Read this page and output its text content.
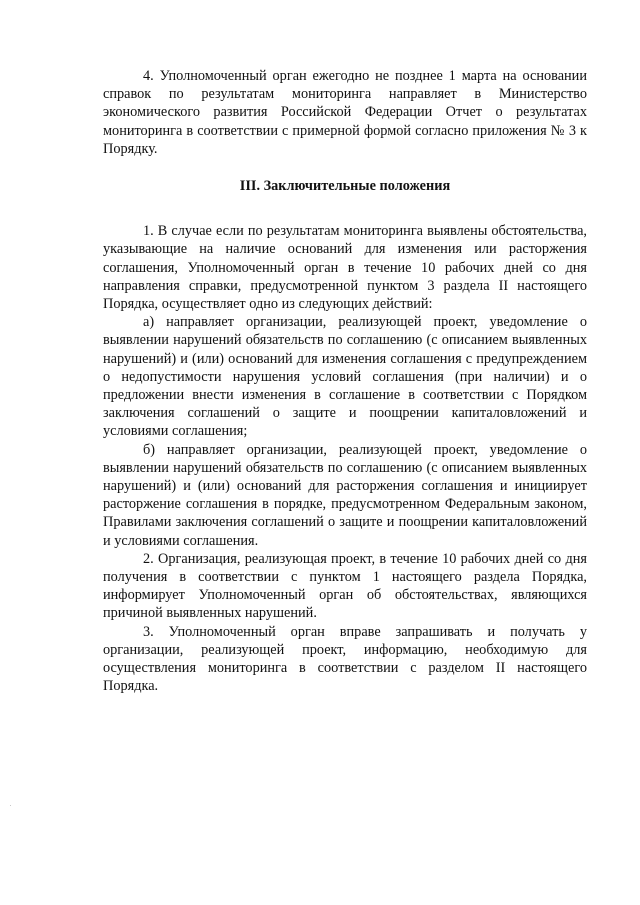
4. Уполномоченный орган ежегодно не позднее 1 марта на основании справок по результатам мониторинга направляет в Министерство экономического развития Российской Федерации Отчет о результатах мониторинга в соответствии с примерной формой согласно приложения № 3 к Порядку.

III. Заключительные положения

1. В случае если по результатам мониторинга выявлены обстоятельства, указывающие на наличие оснований для изменения или расторжения соглашения, Уполномоченный орган в течение 10 рабочих дней со дня направления справки, предусмотренной пунктом 3 раздела II настоящего Порядка, осуществляет одно из следующих действий:

а) направляет организации, реализующей проект, уведомление о выявлении нарушений обязательств по соглашению (с описанием выявленных нарушений) и (или) оснований для изменения соглашения с предупреждением о недопустимости нарушения условий соглашения (при наличии) и о предложении внести изменения в соглашение в соответствии с Порядком заключения соглашений о защите и поощрении капиталовложений и условиями соглашения;

б) направляет организации, реализующей проект, уведомление о выявлении нарушений обязательств по соглашению (с описанием выявленных нарушений) и (или) оснований для расторжения соглашения и инициирует расторжение соглашения в порядке, предусмотренном Федеральным законом, Правилами заключения соглашений о защите и поощрении капиталовложений и условиями соглашения.

2. Организация, реализующая проект, в течение 10 рабочих дней со дня получения в соответствии с пунктом 1 настоящего раздела Порядка, информирует Уполномоченный орган об обстоятельствах, являющихся причиной выявленных нарушений.

3. Уполномоченный орган вправе запрашивать и получать у организации, реализующей проект, информацию, необходимую для осуществления мониторинга в соответствии с разделом II настоящего Порядка.
